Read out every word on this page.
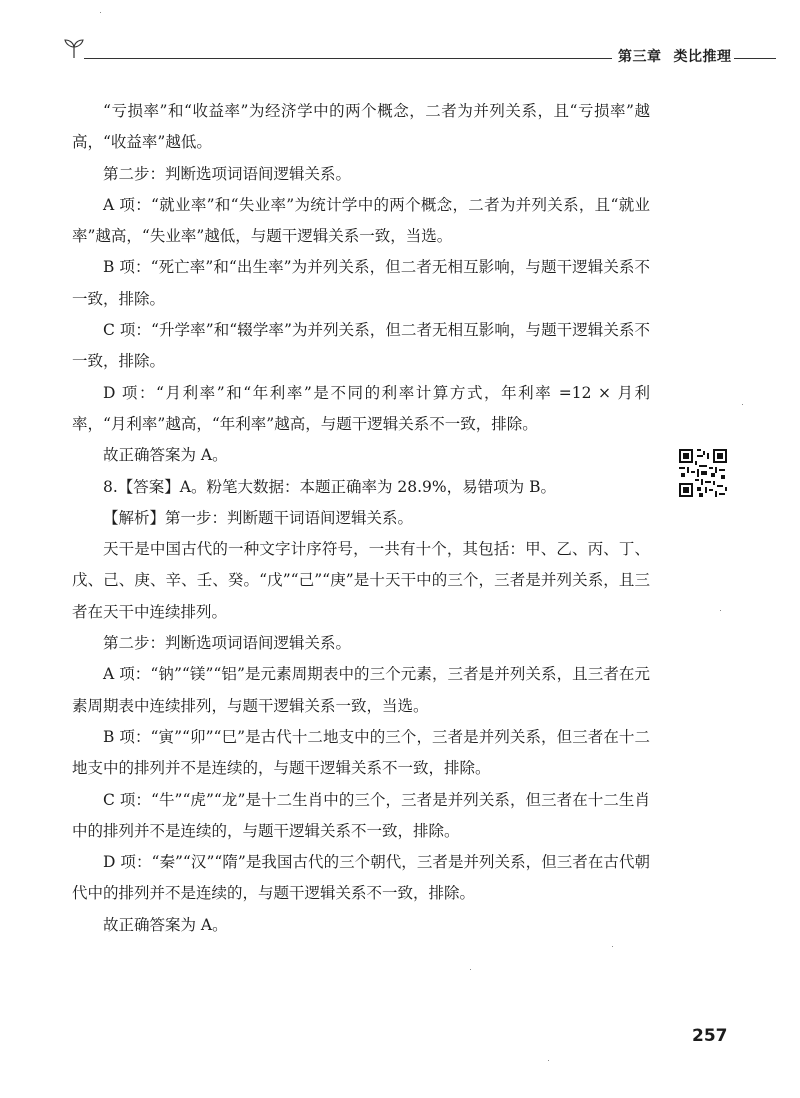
第三章 类比推理

“亏损率”和“收益率”为经济学中的两个概念，二者为并列关系，且“亏损率”越高，“收益率”越低。

第二步：判断选项词语间逻辑关系。

A 项：“就业率”和“失业率”为统计学中的两个概念，二者为并列关系，且“就业率”越高，“失业率”越低，与题干逻辑关系一致，当选。

B 项：“死亡率”和“出生率”为并列关系，但二者无相互影响，与题干逻辑关系不一致，排除。

C 项：“升学率”和“辍学率”为并列关系，但二者无相互影响，与题干逻辑关系不一致，排除。

D 项：“月利率”和“年利率”是不同的利率计算方式，年利率 =12 × 月利率，“月利率”越高，“年利率”越高，与题干逻辑关系不一致，排除。

故正确答案为 A。

8.【答案】A。粉笔大数据：本题正确率为 28.9%，易错项为 B。

【解析】第一步：判断题干词语间逻辑关系。

天干是中国古代的一种文字计序符号，一共有十个，其包括：甲、乙、丙、丁、戊、己、庚、辛、壬、癸。“戊”“己”“庚”是十天干中的三个，三者是并列关系，且三者在天干中连续排列。

第二步：判断选项词语间逻辑关系。

A 项：“钠”“镁”“铝”是元素周期表中的三个元素，三者是并列关系，且三者在元素周期表中连续排列，与题干逻辑关系一致，当选。

B 项：“寅”“卯”“巳”是古代十二地支中的三个，三者是并列关系，但三者在十二地支中的排列并不是连续的，与题干逻辑关系不一致，排除。

C 项：“牛”“虎”“龙”是十二生肖中的三个，三者是并列关系，但三者在十二生肖中的排列并不是连续的，与题干逻辑关系不一致，排除。

D 项：“秦”“汉”“隋”是我国古代的三个朝代，三者是并列关系，但三者在古代朝代中的排列并不是连续的，与题干逻辑关系不一致，排除。

故正确答案为 A。

257
